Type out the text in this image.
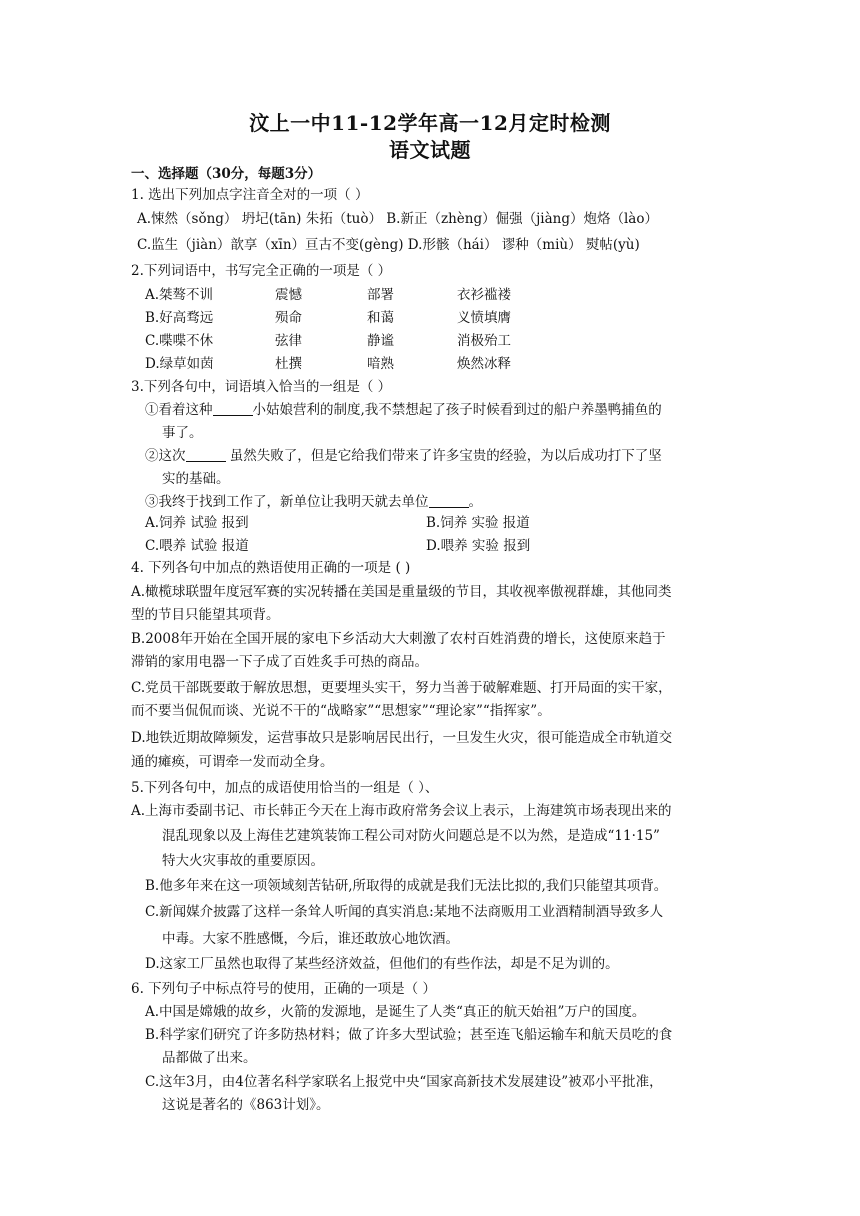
汶上一中11-12学年高一12月定时检测
语文试题
一、选择题（30分，每题3分）
1. 选出下列加点字注音全对的一项（ ）
A.悚然（sǒng） 坍圮(tān) 朱拓（tuò） B.新正（zhèng）倔强（jiàng）炮烙（lào）
C.监生（jiàn）歆享（xīn）亘古不变(gèng) D.形骸（hái） 谬种（miù） 熨帖(yù)
2.下列词语中，书写完全正确的一项是（ ）
A.桀骜不训	震憾	部署	衣衫褴褛
B.好高骛远	殒命	和蔼	义愤填膺
C.喋喋不休	弦律	静谧	消极殆工
D.绿草如茵	杜撰	喑熟	焕然冰释
3.下列各句中，词语填入恰当的一组是（ ）
①看着这种	小姑娘营利的制度,我不禁想起了孩子时候看到过的船户养墨鸭捕鱼的
事了。
②这次	虽然失败了，但是它给我们带来了许多宝贵的经验，为以后成功打下了坚
实的基础。
③我终于找到工作了，新单位让我明天就去单位	。
A.饲养 试验 报到	B.饲养 实验 报道
C.喂养 试验 报道	D.喂养 实验 报到
4. 下列各句中加点的熟语使用正确的一项是 ( )
A.橄榄球联盟年度冠军赛的实况转播在美国是重量级的节目，其收视率傲视群雄，其他同类
型的节目只能望其项背。
B.2008年开始在全国开展的家电下乡活动大大刺激了农村百姓消费的增长，这使原来趋于
滞销的家用电器一下子成了百姓炙手可热的商品。
C.党员干部既要敢于解放思想，更要埋头实干，努力当善于破解难题、打开局面的实干家，
而不要当侃侃而谈、光说不干的“战略家”“思想家”“理论家”“指挥家”。
D.地铁近期故障频发，运营事故只是影响居民出行，一旦发生火灾，很可能造成全市轨道交
通的瘫痪，可谓牵一发而动全身。
5.下列各句中，加点的成语使用恰当的一组是（ ）、
A.上海市委副书记、市长韩正今天在上海市政府常务会议上表示，上海建筑市场表现出来的
混乱现象以及上海佳艺建筑装饰工程公司对防火问题总是不以为然，是造成“11·15”
特大火灾事故的重要原因。
B.他多年来在这一项领域刻苦钻研,所取得的成就是我们无法比拟的,我们只能望其项背。
C.新闻媒介披露了这样一条耸人听闻的真实消息:某地不法商贩用工业酒精制酒导致多人
中毒。大家不胜感慨，今后，谁还敢放心地饮酒。
D.这家工厂虽然也取得了某些经济效益，但他们的有些作法，却是不足为训的。
6. 下列句子中标点符号的使用，正确的一项是（ ）
A.中国是嫦娥的故乡，火箭的发源地，是诞生了人类“真正的航天始祖”万户的国度。
B.科学家们研究了许多防热材料；做了许多大型试验；甚至连飞船运输车和航天员吃的食
品都做了出来。
C.这年3月，由4位著名科学家联名上报党中央“国家高新技术发展建设”被邓小平批准，
这说是著名的《863计划》。
